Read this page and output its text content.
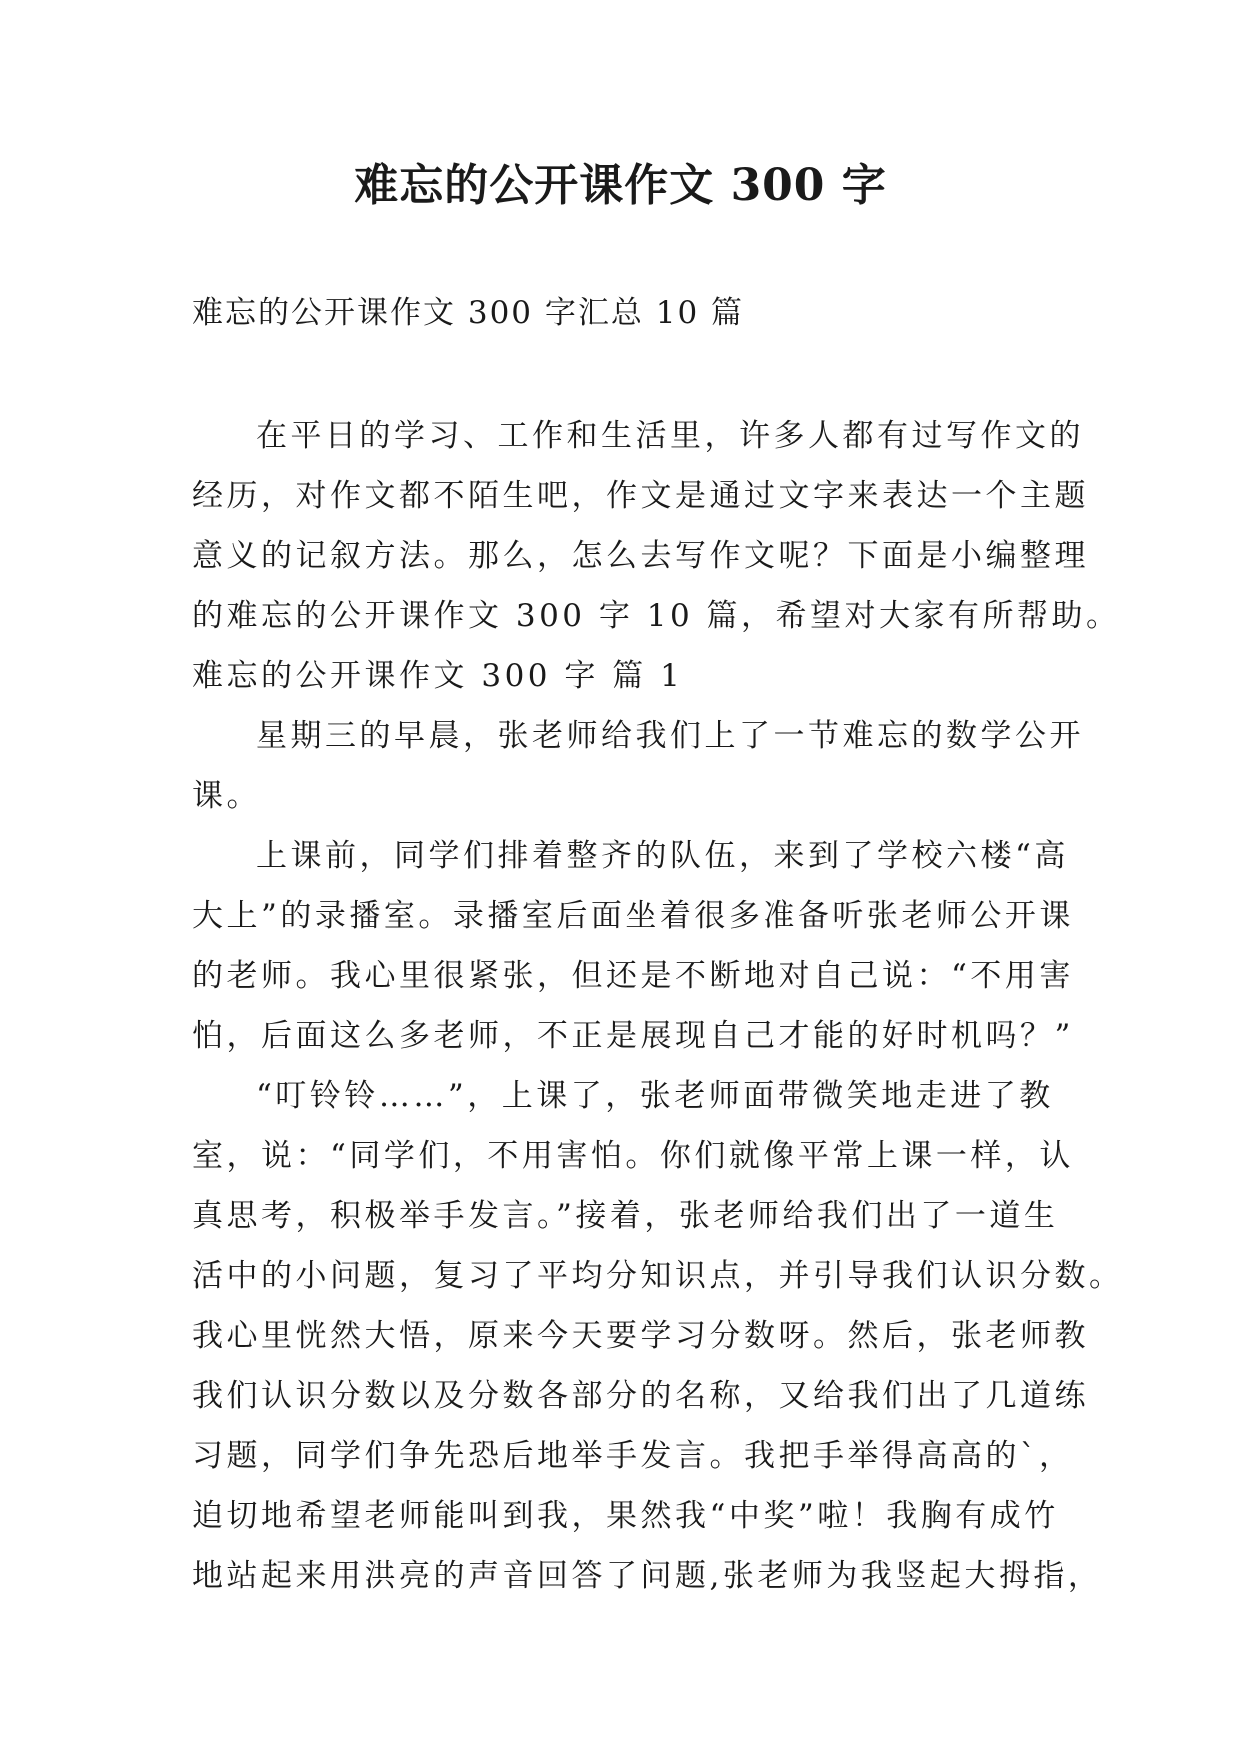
难忘的公开课作文 300 字
难忘的公开课作文 300 字汇总 10 篇
在平日的学习、工作和生活里，许多人都有过写作文的
经历，对作文都不陌生吧，作文是通过文字来表达一个主题
意义的记叙方法。那么，怎么去写作文呢？下面是小编整理
的难忘的公开课作文 300 字 10 篇，希望对大家有所帮助。
难忘的公开课作文 300 字 篇 1
星期三的早晨，张老师给我们上了一节难忘的数学公开
课。
上课前，同学们排着整齐的队伍，来到了学校六楼“高
大上”的录播室。录播室后面坐着很多准备听张老师公开课
的老师。我心里很紧张，但还是不断地对自己说：“不用害
怕，后面这么多老师，不正是展现自己才能的好时机吗？”
“叮铃铃……”，上课了，张老师面带微笑地走进了教
室，说：“同学们，不用害怕。你们就像平常上课一样，认
真思考，积极举手发言。”接着，张老师给我们出了一道生
活中的小问题，复习了平均分知识点，并引导我们认识分数。
我心里恍然大悟，原来今天要学习分数呀。然后，张老师教
我们认识分数以及分数各部分的名称，又给我们出了几道练
习题，同学们争先恐后地举手发言。我把手举得高高的`，
迫切地希望老师能叫到我，果然我“中奖”啦！我胸有成竹
地站起来用洪亮的声音回答了问题,张老师为我竖起大拇指，
